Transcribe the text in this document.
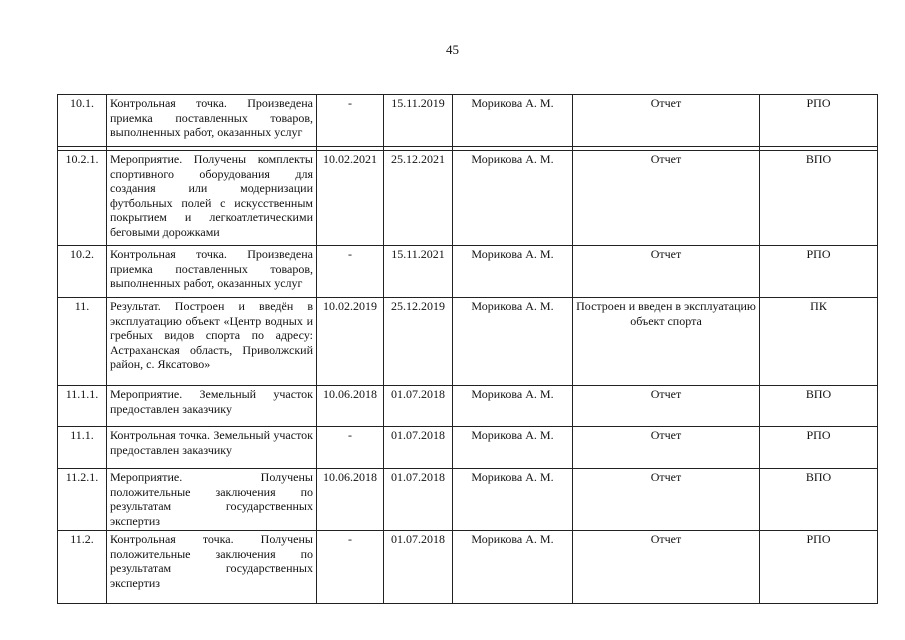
45
10.1.	Контрольная точка. Произведена приемка поставленных товаров, выполненных работ, оказанных услуг	-	15.11.2019	Морикова А. М.	Отчет	РПО

10.2.1.	Мероприятие. Получены комплекты спортивного оборудования для создания или модернизации футбольных полей с искусственным покрытием и легкоатлетическими беговыми дорожками	10.02.2021	25.12.2021	Морикова А. М.	Отчет	ВПО
10.2.	Контрольная точка. Произведена приемка поставленных товаров, выполненных работ, оказанных услуг	-	15.11.2021	Морикова А. М.	Отчет	РПО
11.	Результат. Построен и введён в эксплуатацию объект «Центр водных и гребных видов спорта по адресу: Астраханская область, Приволжский район, с. Яксатово»	10.02.2019	25.12.2019	Морикова А. М.	Построен и введен в эксплуатацию объект спорта	ПК
11.1.1.	Мероприятие. Земельный участок предоставлен заказчику	10.06.2018	01.07.2018	Морикова А. М.	Отчет	ВПО
11.1.	Контрольная точка. Земельный участок предоставлен заказчику	-	01.07.2018	Морикова А. М.	Отчет	РПО
11.2.1.	Мероприятие. Получены положительные заключения по результатам государственных экспертиз	10.06.2018	01.07.2018	Морикова А. М.	Отчет	ВПО
11.2.	Контрольная точка. Получены положительные заключения по результатам государственных экспертиз	-	01.07.2018	Морикова А. М.	Отчет	РПО
